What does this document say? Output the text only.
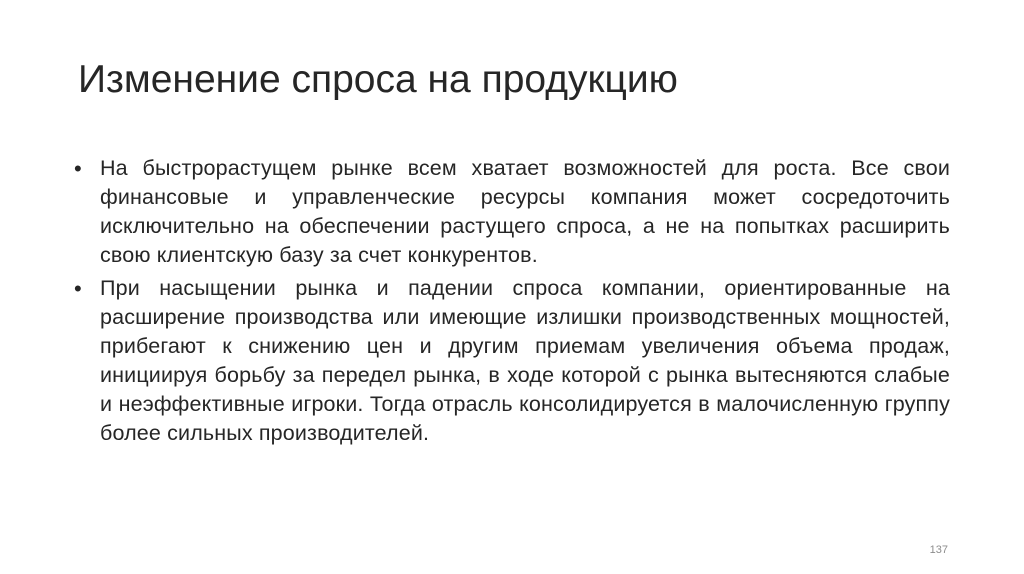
Изменение спроса на продукцию
• На быстрорастущем рынке всем хватает возможностей для роста. Все свои финансовые и управленческие ресурсы компания может сосредоточить исключительно на обеспечении растущего спроса, а не на попытках расширить свою клиентскую базу за счет конкурентов.
• При насыщении рынка и падении спроса компании, ориентированные на расширение производства или имеющие излишки производственных мощностей, прибегают к снижению цен и другим приемам увеличения объема продаж, инициируя борьбу за передел рынка, в ходе которой с рынка вытесняются слабые и неэффективные игроки. Тогда отрасль консолидируется в малочисленную группу более сильных производителей.
137
